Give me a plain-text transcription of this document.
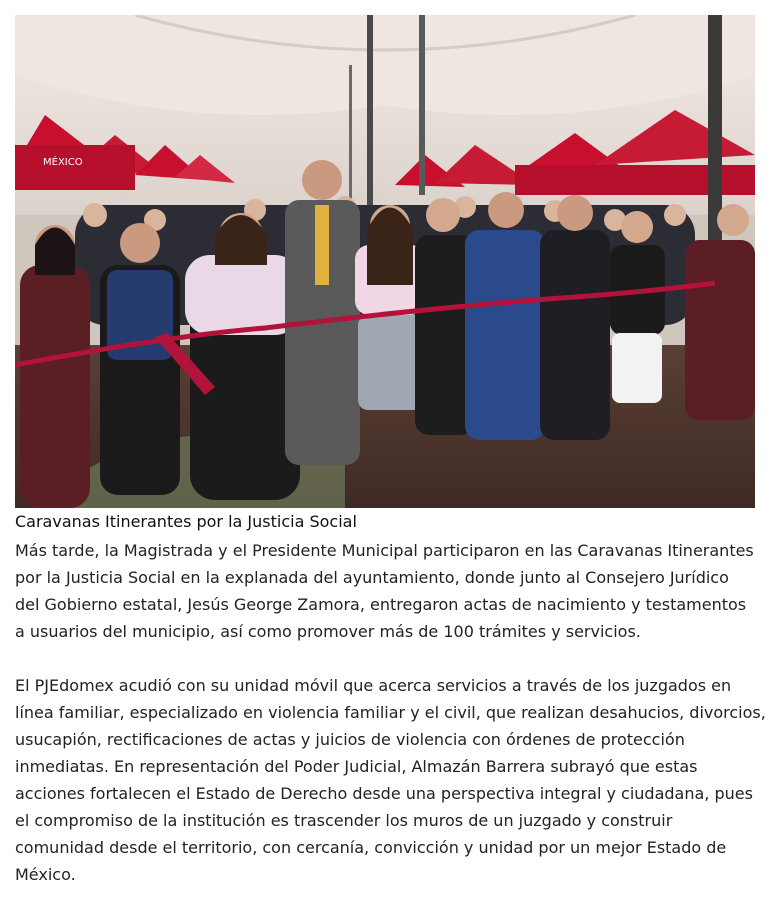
MÉXICO
Caravanas Itinerantes por la Justicia Social

Más tarde, la Magistrada y el Presidente Municipal participaron en las Caravanas Itinerantes
por la Justicia Social en la explanada del ayuntamiento, donde junto al Consejero Jurídico
del Gobierno estatal, Jesús George Zamora, entregaron actas de nacimiento y testamentos
a usuarios del municipio, así como promover más de 100 trámites y servicios.

El PJEdomex acudió con su unidad móvil que acerca servicios a través de los juzgados en
línea familiar, especializado en violencia familiar y el civil, que realizan desahucios, divorcios,
usucapión, rectificaciones de actas y juicios de violencia con órdenes de protección
inmediatas. En representación del Poder Judicial, Almazán Barrera subrayó que estas
acciones fortalecen el Estado de Derecho desde una perspectiva integral y ciudadana, pues
el compromiso de la institución es trascender los muros de un juzgado y construir
comunidad desde el territorio, con cercanía, convicción y unidad por un mejor Estado de
México.
